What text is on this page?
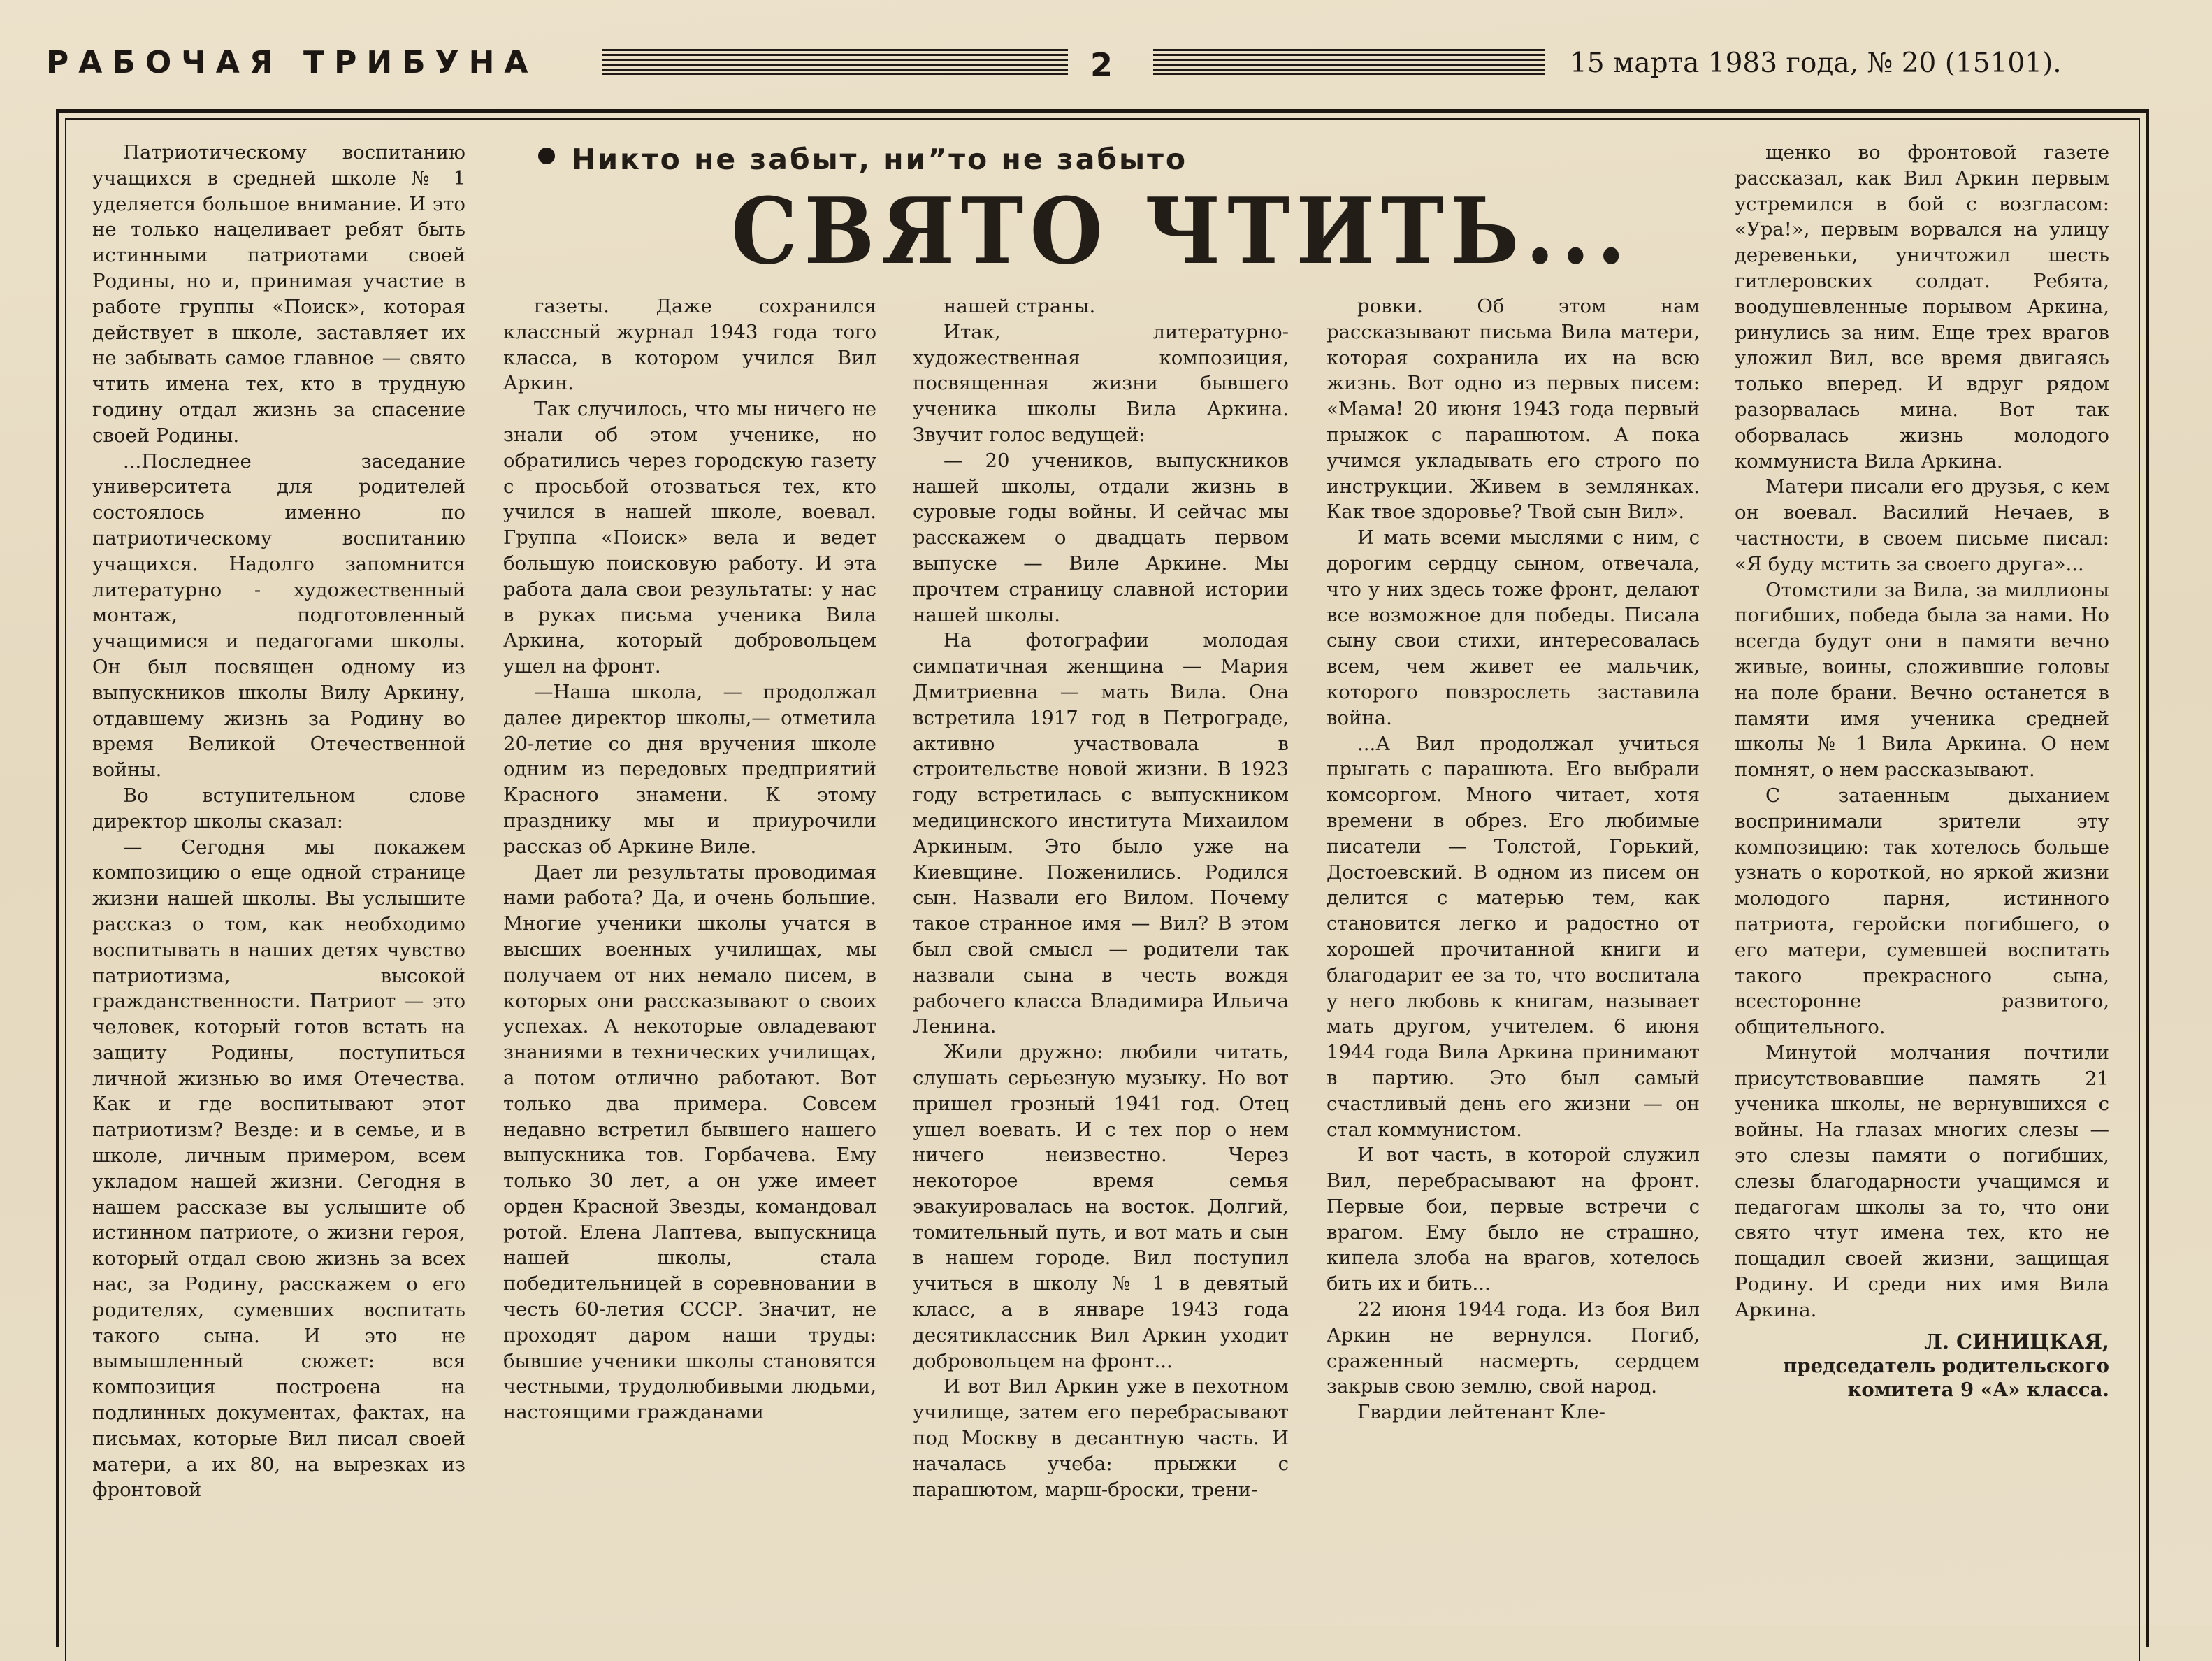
РАБОЧАЯ ТРИБУНА	2	15 марта 1983 года, № 20 (15101).
Никто не забыт, ни”то не забыто
СВЯТО ЧТИТЬ...

Патриотическому воспитанию учащихся в средней школе № 1 уделяется большое внимание. И это не только нацеливает ребят быть истинными патриотами своей Родины, но и, принимая участие в работе группы «Поиск», которая действует в школе, заставляет их не забывать самое главное — свято чтить имена тех, кто в трудную годину отдал жизнь за спасение своей Родины.

...Последнее заседание университета для родителей состоялось именно по патриотическому воспитанию учащихся. Надолго запомнится литературно - художественный монтаж, подготовленный учащимися и педагогами школы. Он был посвящен одному из выпускников школы Вилу Аркину, отдавшему жизнь за Родину во время Великой Отечественной войны.

Во вступительном слове директор школы сказал:

— Сегодня мы покажем композицию о еще одной странице жизни нашей школы. Вы услышите рассказ о том, как необходимо воспитывать в наших детях чувство патриотизма, высокой гражданственности. Патриот — это человек, который готов встать на защиту Родины, поступиться личной жизнью во имя Отечества. Как и где воспитывают этот патриотизм? Везде: и в семье, и в школе, личным примером, всем укладом нашей жизни. Сегодня в нашем рассказе вы услышите об истинном патриоте, о жизни героя, который отдал свою жизнь за всех нас, за Родину, расскажем о его родителях, сумевших воспитать такого сына. И это не вымышленный сюжет: вся композиция построена на подлинных документах, фактах, на письмах, которые Вил писал своей матери, а их 80, на вырезках из фронтовой

газеты. Даже сохранился классный журнал 1943 года того класса, в котором учился Вил Аркин.

Так случилось, что мы ничего не знали об этом ученике, но обратились через городскую газету с просьбой отозваться тех, кто учился в нашей школе, воевал. Группа «Поиск» вела и ведет большую поисковую работу. И эта работа дала свои результаты: у нас в руках письма ученика Вила Аркина, который добровольцем ушел на фронт.

—Наша школа, — продолжал далее директор школы,— отметила 20-летие со дня вручения школе одним из передовых предприятий Красного знамени. К этому празднику мы и приурочили рассказ об Аркине Виле.

Дает ли результаты проводимая нами работа? Да, и очень большие. Многие ученики школы учатся в высших военных училищах, мы получаем от них немало писем, в которых они рассказывают о своих успехах. А некоторые овладевают знаниями в технических училищах, а потом отлично работают. Вот только два примера. Совсем недавно встретил бывшего нашего выпускника тов. Горбачева. Ему только 30 лет, а он уже имеет орден Красной Звезды, командовал ротой. Елена Лаптева, выпускница нашей школы, стала победительницей в соревновании в честь 60-летия СССР. Значит, не проходят даром наши труды: бывшие ученики школы становятся честными, трудолюбивыми людьми, настоящими гражданами

нашей страны.

Итак, литературно-художественная композиция, посвященная жизни бывшего ученика школы Вила Аркина. Звучит голос ведущей:

— 20 учеников, выпускников нашей школы, отдали жизнь в суровые годы войны. И сейчас мы расскажем о двадцать первом выпуске — Виле Аркине. Мы прочтем страницу славной истории нашей школы.

На фотографии молодая симпатичная женщина — Мария Дмитриевна — мать Вила. Она встретила 1917 год в Петрограде, активно участвовала в строительстве новой жизни. В 1923 году встретилась с выпускником медицинского института Михаилом Аркиным. Это было уже на Киевщине. Поженились. Родился сын. Назвали его Вилом. Почему такое странное имя — Вил? В этом был свой смысл — родители так назвали сына в честь вождя рабочего класса Владимира Ильича Ленина.

Жили дружно: любили читать, слушать серьезную музыку. Но вот пришел грозный 1941 год. Отец ушел воевать. И с тех пор о нем ничего неизвестно. Через некоторое время семья эвакуировалась на восток. Долгий, томительный путь, и вот мать и сын в нашем городе. Вил поступил учиться в школу № 1 в девятый класс, а в январе 1943 года десятиклассник Вил Аркин уходит добровольцем на фронт...

И вот Вил Аркин уже в пехотном училище, затем его перебрасывают под Москву в десантную часть. И началась учеба: прыжки с парашютом, марш-броски, трени-

ровки. Об этом нам рассказывают письма Вила матери, которая сохранила их на всю жизнь. Вот одно из первых писем: «Мама! 20 июня 1943 года первый прыжок с парашютом. А пока учимся укладывать его строго по инструкции. Живем в землянках. Как твое здоровье? Твой сын Вил».

И мать всеми мыслями с ним, с дорогим сердцу сыном, отвечала, что у них здесь тоже фронт, делают все возможное для победы. Писала сыну свои стихи, интересовалась всем, чем живет ее мальчик, которого повзрослеть заставила война.

...А Вил продолжал учиться прыгать с парашюта. Его выбрали комсоргом. Много читает, хотя времени в обрез. Его любимые писатели — Толстой, Горький, Достоевский. В одном из писем он делится с матерью тем, как становится легко и радостно от хорошей прочитанной книги и благодарит ее за то, что воспитала у него любовь к книгам, называет мать другом, учителем. 6 июня 1944 года Вила Аркина принимают в партию. Это был самый счастливый день его жизни — он стал коммунистом.

И вот часть, в которой служил Вил, перебрасывают на фронт. Первые бои, первые встречи с врагом. Ему было не страшно, кипела злоба на врагов, хотелось бить их и бить...

22 июня 1944 года. Из боя Вил Аркин не вернулся. Погиб, сраженный насмерть, сердцем закрыв свою землю, свой народ.

Гвардии лейтенант Кле-

щенко во фронтовой газете рассказал, как Вил Аркин первым устремился в бой с возгласом: «Ура!», первым ворвался на улицу деревеньки, уничтожил шесть гитлеровских солдат. Ребята, воодушевленные порывом Аркина, ринулись за ним. Еще трех врагов уложил Вил, все время двигаясь только вперед. И вдруг рядом разорвалась мина. Вот так оборвалась жизнь молодого коммуниста Вила Аркина.

Матери писали его друзья, с кем он воевал. Василий Нечаев, в частности, в своем письме писал: «Я буду мстить за своего друга»...

Отомстили за Вила, за миллионы погибших, победа была за нами. Но всегда будут они в памяти вечно живые, воины, сложившие головы на поле брани. Вечно останется в памяти имя ученика средней школы № 1 Вила Аркина. О нем помнят, о нем рассказывают.

С затаенным дыханием воспринимали зрители эту композицию: так хотелось больше узнать о короткой, но яркой жизни молодого парня, истинного патриота, геройски погибшего, о его матери, сумевшей воспитать такого прекрасного сына, всесторонне развитого, общительного.

Минутой молчания почтили присутствовавшие память 21 ученика школы, не вернувшихся с войны. На глазах многих слезы — это слезы памяти о погибших, слезы благодарности учащимся и педагогам школы за то, что они свято чтут имена тех, кто не пощадил своей жизни, защищая Родину. И среди них имя Вила Аркина.

Л. СИНИЦКАЯ,
председатель родительского комитета 9 «А» класса.
